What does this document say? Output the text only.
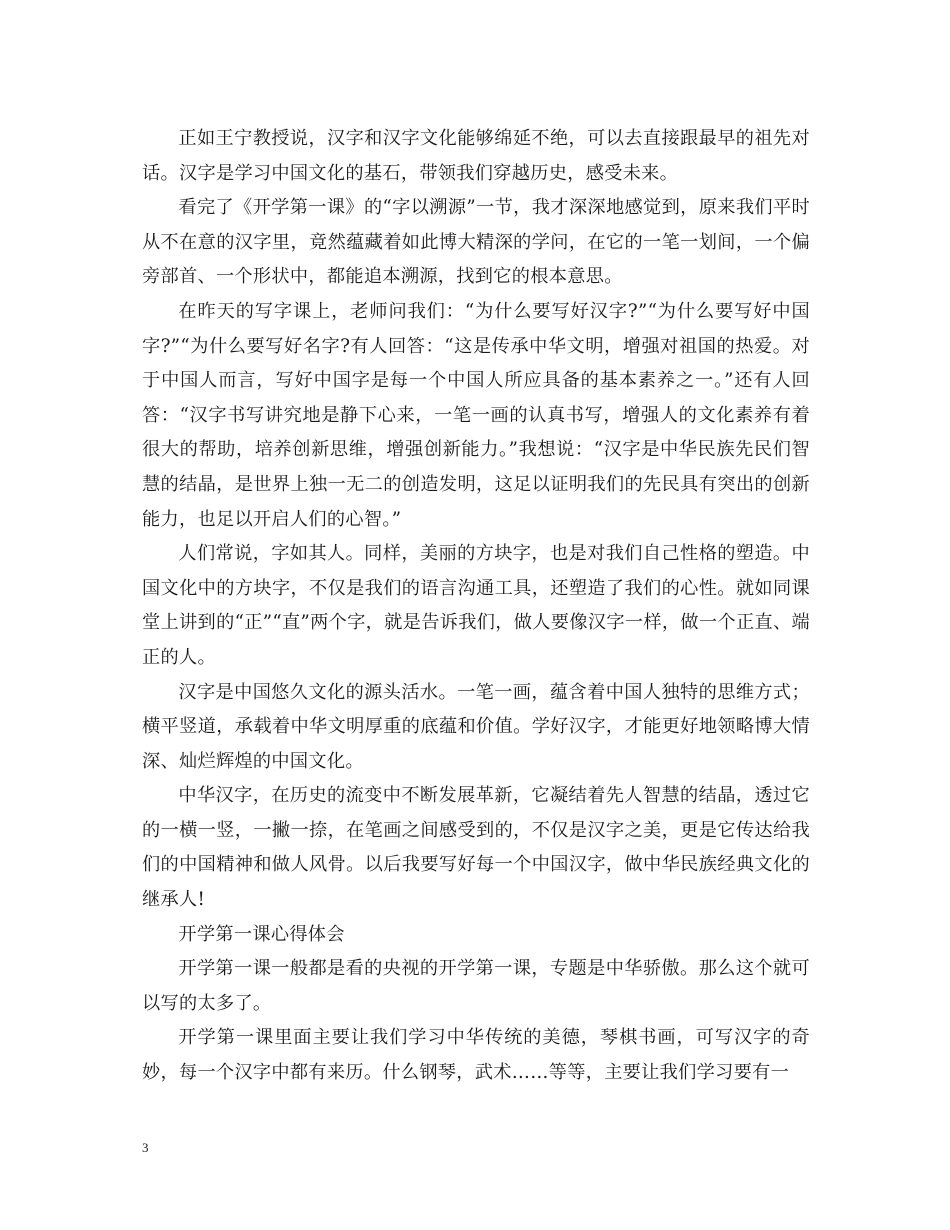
正如王宁教授说，汉字和汉字文化能够绵延不绝，可以去直接跟最早的祖先对话。汉字是学习中国文化的基石，带领我们穿越历史，感受未来。

看完了《开学第一课》的“字以溯源”一节，我才深深地感觉到，原来我们平时从不在意的汉字里，竟然蕴藏着如此博大精深的学问，在它的一笔一划间，一个偏旁部首、一个形状中，都能追本溯源，找到它的根本意思。

在昨天的写字课上，老师问我们：“为什么要写好汉字?”“为什么要写好中国字?”“为什么要写好名字?有人回答：“这是传承中华文明，增强对祖国的热爱。对于中国人而言，写好中国字是每一个中国人所应具备的基本素养之一。”还有人回答：“汉字书写讲究地是静下心来，一笔一画的认真书写，增强人的文化素养有着很大的帮助，培养创新思维，增强创新能力。”我想说：“汉字是中华民族先民们智慧的结晶，是世界上独一无二的创造发明，这足以证明我们的先民具有突出的创新能力，也足以开启人们的心智。”

人们常说，字如其人。同样，美丽的方块字，也是对我们自己性格的塑造。中国文化中的方块字，不仅是我们的语言沟通工具，还塑造了我们的心性。就如同课堂上讲到的“正”“直”两个字，就是告诉我们，做人要像汉字一样，做一个正直、端正的人。

汉字是中国悠久文化的源头活水。一笔一画，蕴含着中国人独特的思维方式；横平竖道，承载着中华文明厚重的底蕴和价值。学好汉字，才能更好地领略博大情深、灿烂辉煌的中国文化。

中华汉字，在历史的流变中不断发展革新，它凝结着先人智慧的结晶，透过它的一横一竖，一撇一捺，在笔画之间感受到的，不仅是汉字之美，更是它传达给我们的中国精神和做人风骨。以后我要写好每一个中国汉字，做中华民族经典文化的继承人!

开学第一课心得体会

开学第一课一般都是看的央视的开学第一课，专题是中华骄傲。那么这个就可以写的太多了。

开学第一课里面主要让我们学习中华传统的美德，琴棋书画，可写汉字的奇妙，每一个汉字中都有来历。什么钢琴，武术……等等，主要让我们学习要有一

3
